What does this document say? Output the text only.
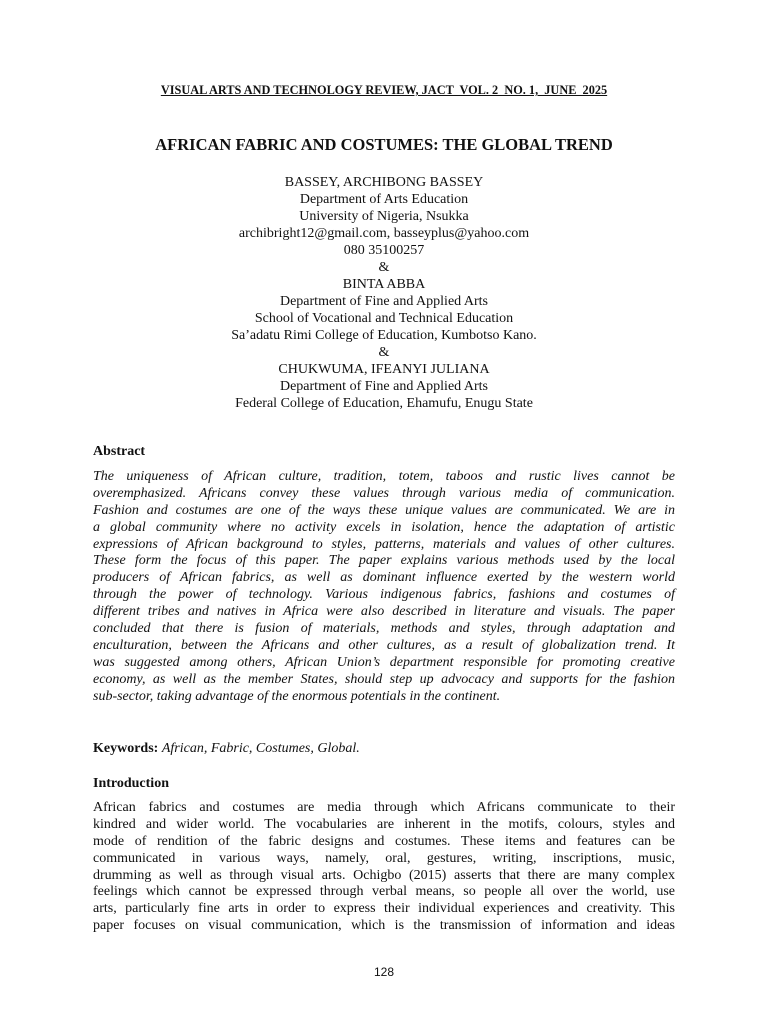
VISUAL ARTS AND TECHNOLOGY REVIEW, JACT  VOL. 2  NO. 1,  JUNE  2025
AFRICAN FABRIC AND COSTUMES: THE GLOBAL TREND
BASSEY, ARCHIBONG BASSEY
Department of Arts Education
University of Nigeria, Nsukka
archibright12@gmail.com, basseyplus@yahoo.com
080 35100257
&
BINTA ABBA
Department of Fine and Applied Arts
School of Vocational and Technical Education
Sa’adatu Rimi College of Education, Kumbotso Kano.
&
CHUKWUMA, IFEANYI JULIANA
Department of Fine and Applied Arts
Federal College of Education, Ehamufu, Enugu State
Abstract
The uniqueness of African culture, tradition, totem, taboos and rustic lives cannot be
overemphasized. Africans convey these values through various media of communication.
Fashion and costumes are one of the ways these unique values are communicated. We are in
a global community where no activity excels in isolation, hence the adaptation of artistic
expressions of African background to styles, patterns, materials and values of other cultures.
These form the focus of this paper. The paper explains various methods used by the local
producers of African fabrics, as well as dominant influence exerted by the western world
through the power of technology. Various indigenous fabrics, fashions and costumes of
different tribes and natives in Africa were also described in literature and visuals. The paper
concluded that there is fusion of materials, methods and styles, through adaptation and
enculturation, between the Africans and other cultures, as a result of globalization trend. It
was suggested among others, African Union’s department responsible for promoting creative
economy, as well as the member States, should step up advocacy and supports for the fashion
sub-sector, taking advantage of the enormous potentials in the continent.
Keywords: African, Fabric, Costumes, Global.
Introduction
African fabrics and costumes are media through which Africans communicate to their
kindred and wider world. The vocabularies are inherent in the motifs, colours, styles and
mode of rendition of the fabric designs and costumes. These items and features can be
communicated in various ways, namely, oral, gestures, writing, inscriptions, music,
drumming as well as through visual arts. Ochigbo (2015) asserts that there are many complex
feelings which cannot be expressed through verbal means, so people all over the world, use
arts, particularly fine arts in order to express their individual experiences and creativity. This
paper focuses on visual communication, which is the transmission of information and ideas
128
